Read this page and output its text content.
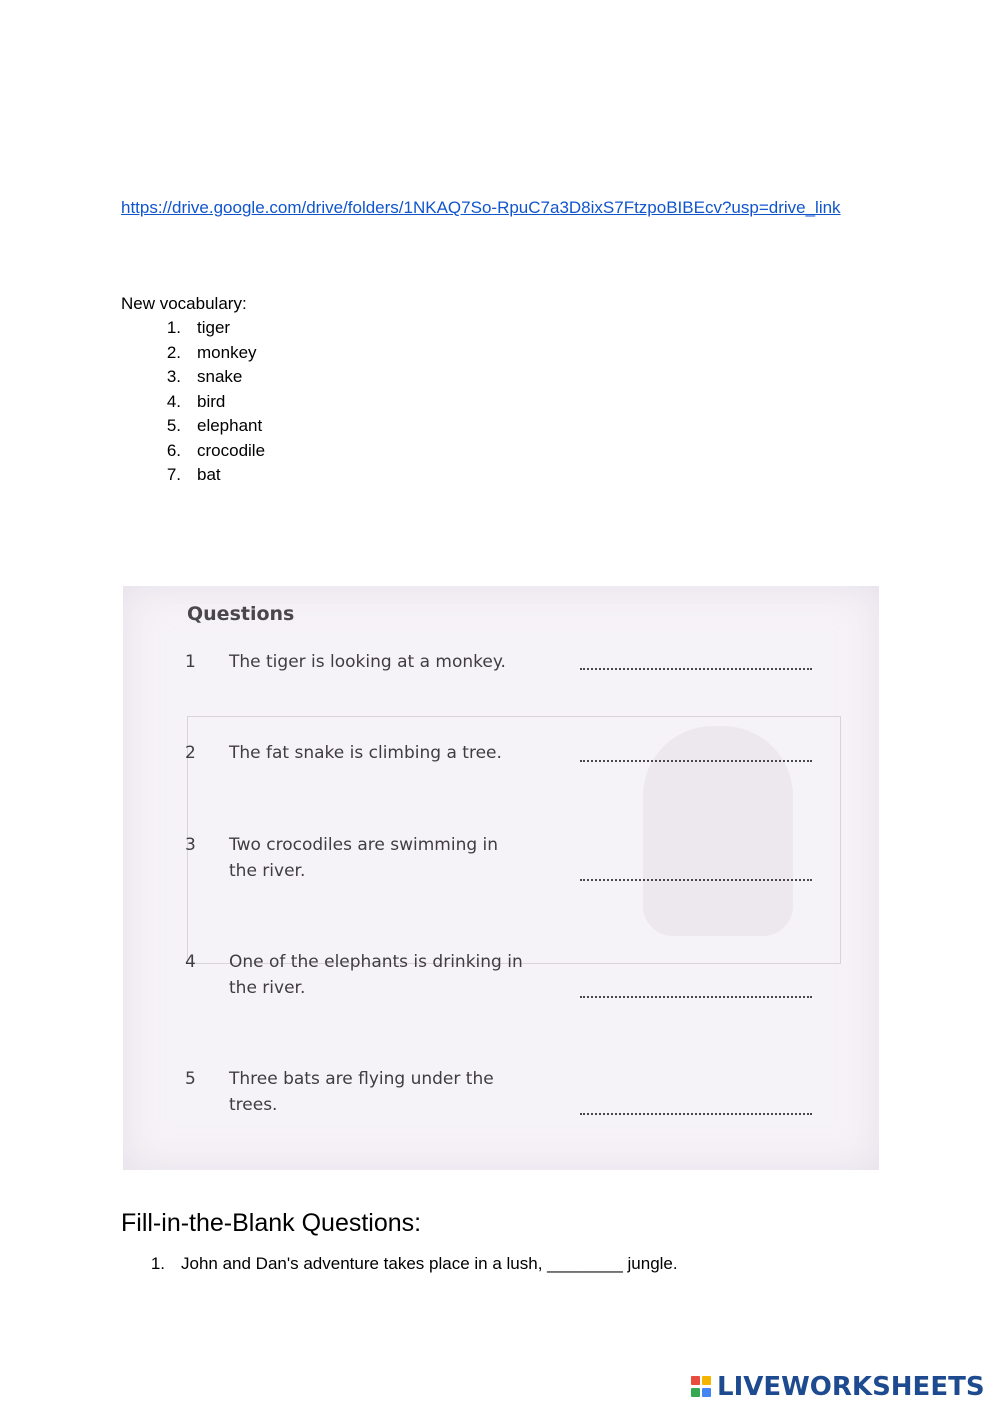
https://drive.google.com/drive/folders/1NKAQ7So-RpuC7a3D8ixS7FtzpoBIBEcv?usp=drive_link
New vocabulary:
1. tiger
2. monkey
3. snake
4. bird
5. elephant
6. crocodile
7. bat
Questions
1	The tiger is looking at a monkey.
2	The fat snake is climbing a tree.
3	Two crocodiles are swimming in the river.
4	One of the elephants is drinking in the river.
5	Three bats are flying under the trees.
Fill-in-the-Blank Questions:
1. John and Dan's adventure takes place in a lush, ________ jungle.
LIVEWORKSHEETS
